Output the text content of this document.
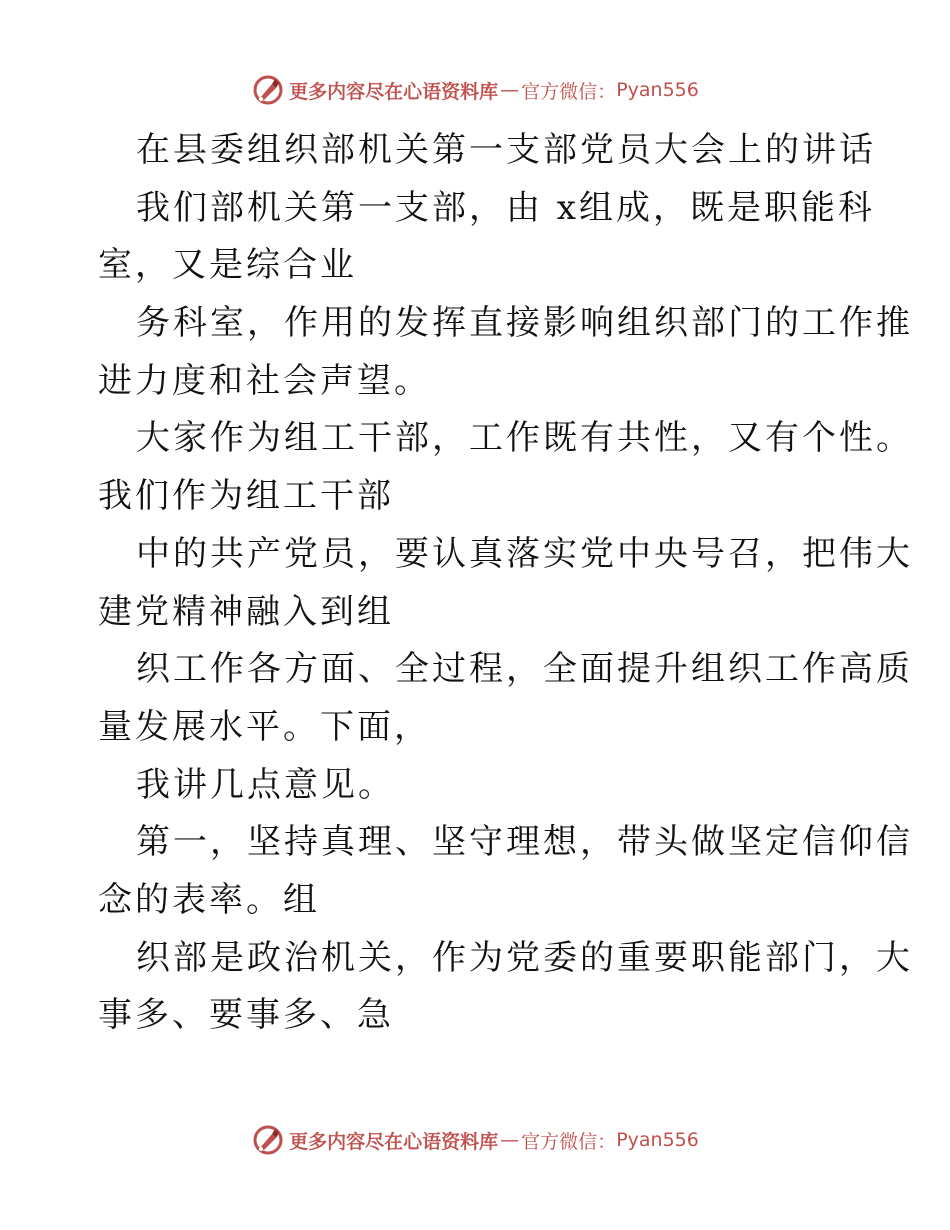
更多内容尽在心语资料库 — 官方微信： Pyan556
在县委组织部机关第一支部党员大会上的讲话
我们部机关第一支部，由 x组成，既是职能科
室，又是综合业
务科室，作用的发挥直接影响组织部门的工作推
进力度和社会声望。
大家作为组工干部，工作既有共性，又有个性。
我们作为组工干部
中的共产党员，要认真落实党中央号召，把伟大
建党精神融入到组
织工作各方面、全过程，全面提升组织工作高质
量发展水平。下面，
我讲几点意见。
第一，坚持真理、坚守理想，带头做坚定信仰信
念的表率。组
织部是政治机关，作为党委的重要职能部门，大
事多、要事多、急
更多内容尽在心语资料库 — 官方微信： Pyan556
